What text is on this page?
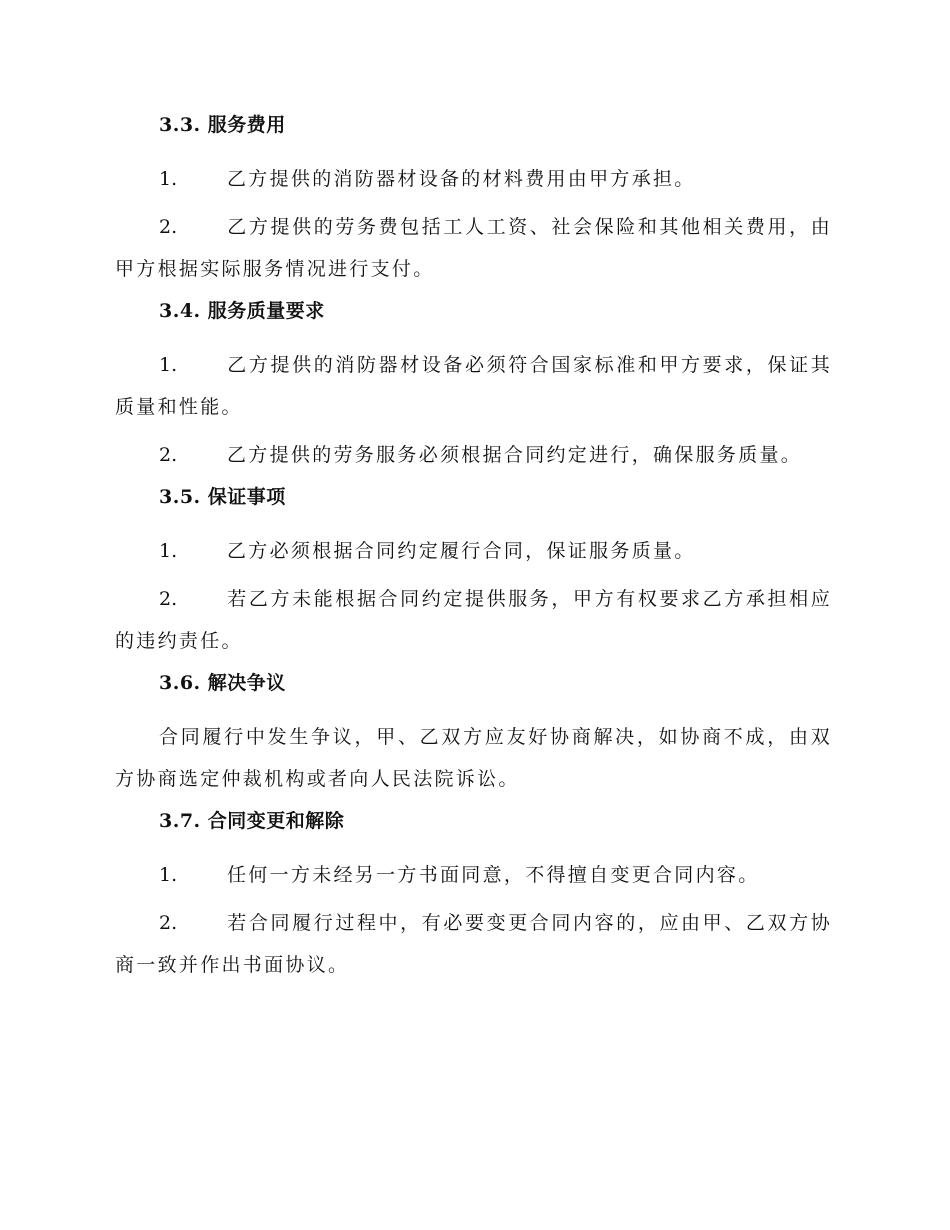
3.3. 服务费用

1.	乙方提供的消防器材设备的材料费用由甲方承担。

2.	乙方提供的劳务费包括工人工资、社会保险和其他相关费用，由甲方根据实际服务情况进行支付。

3.4. 服务质量要求

1.	乙方提供的消防器材设备必须符合国家标准和甲方要求，保证其质量和性能。

2.	乙方提供的劳务服务必须根据合同约定进行，确保服务质量。

3.5. 保证事项

1.	乙方必须根据合同约定履行合同，保证服务质量。

2.	若乙方未能根据合同约定提供服务，甲方有权要求乙方承担相应的违约责任。

3.6. 解决争议

合同履行中发生争议，甲、乙双方应友好协商解决，如协商不成，由双方协商选定仲裁机构或者向人民法院诉讼。

3.7. 合同变更和解除

1.	任何一方未经另一方书面同意，不得擅自变更合同内容。

2.	若合同履行过程中，有必要变更合同内容的，应由甲、乙双方协商一致并作出书面协议。
